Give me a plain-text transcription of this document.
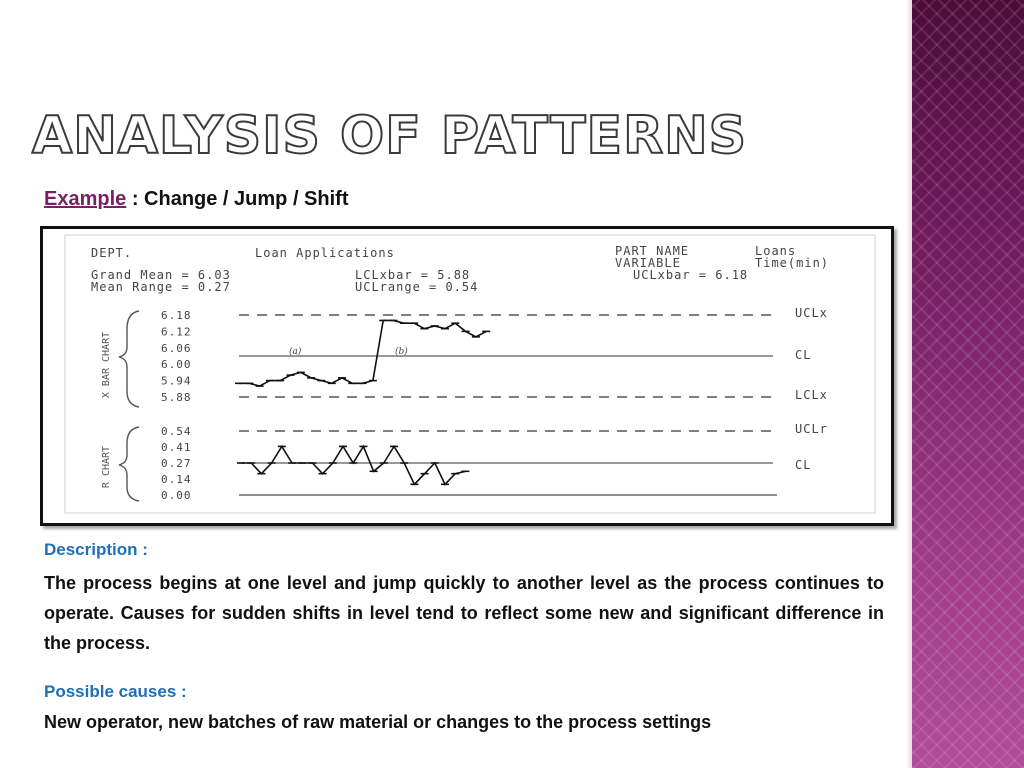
ANALYSIS OF PATTERNS
Example : Change / Jump / Shift
DEPT.	Loan Applications	PART NAME	Loans
VARIABLE	Time(min)
Grand Mean = 6.03	LCLxbar = 5.88	UCLxbar = 6.18
Mean Range = 0.27	UCLrange = 0.54
X BAR CHART
R CHART
6.18
6.12
6.06
6.00
5.94
5.88
0.54
0.41
0.27
0.14
0.00
UCLx
CL
LCLx
UCLr
CL
(a)	(b)
Description :
The process begins at one level and jump quickly to another level as the process continues to operate. Causes for sudden shifts in level tend to reflect some new and significant difference in the process.
Possible causes :
New operator, new batches of raw material or changes to the process settings
